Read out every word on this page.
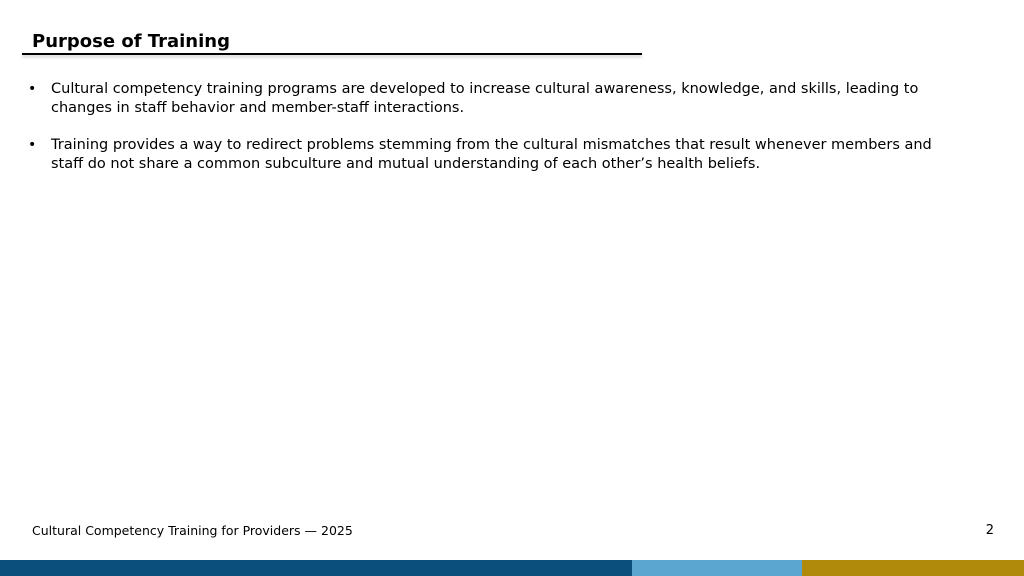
Purpose of Training
• Cultural competency training programs are developed to increase cultural awareness, knowledge, and skills, leading to changes in staff behavior and member-staff interactions.
• Training provides a way to redirect problems stemming from the cultural mismatches that result whenever members and staff do not share a common subculture and mutual understanding of each other’s health beliefs.
Cultural Competency Training for Providers — 2025	2
